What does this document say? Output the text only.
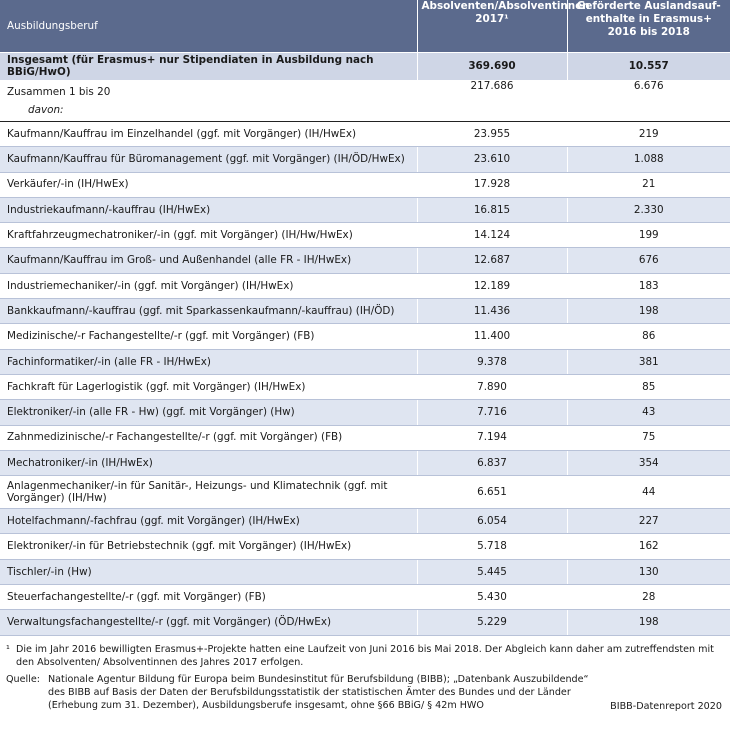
Ausbildungsberuf	Absolventen/Absolventinnen 2017¹	Geförderte Auslandsauf-
enthalte in Erasmus+ 2016 bis 2018
Insgesamt (für Erasmus+ nur Stipendiaten in Ausbildung nach BBiG/HwO)	369.690	10.557
Zusammen 1 bis 20	217.686	6.676
davon:		

Kaufmann/Kauffrau im Einzelhandel (ggf. mit Vorgänger) (IH/HwEx)	23.955	219
Kaufmann/Kauffrau für Büromanagement (ggf. mit Vorgänger) (IH/ÖD/HwEx)	23.610	1.088
Verkäufer/-in (IH/HwEx)	17.928	21
Industriekaufmann/-kauffrau (IH/HwEx)	16.815	2.330
Kraftfahrzeugmechatroniker/-in (ggf. mit Vorgänger) (IH/Hw/HwEx)	14.124	199
Kaufmann/Kauffrau im Groß- und Außenhandel (alle FR - IH/HwEx)	12.687	676
Industriemechaniker/-in (ggf. mit Vorgänger) (IH/HwEx)	12.189	183
Bankkaufmann/-kauffrau (ggf. mit Sparkassenkaufmann/-kauffrau) (IH/ÖD)	11.436	198
Medizinische/-r Fachangestellte/-r (ggf. mit Vorgänger) (FB)	11.400	86
Fachinformatiker/-in (alle FR - IH/HwEx)	9.378	381
Fachkraft für Lagerlogistik (ggf. mit Vorgänger) (IH/HwEx)	7.890	85
Elektroniker/-in (alle FR - Hw) (ggf. mit Vorgänger) (Hw)	7.716	43
Zahnmedizinische/-r Fachangestellte/-r (ggf. mit Vorgänger) (FB)	7.194	75
Mechatroniker/-in (IH/HwEx)	6.837	354
Anlagenmechaniker/-in für Sanitär-, Heizungs- und Klimatechnik (ggf. mit Vorgänger) (IH/Hw)	6.651	44
Hotelfachmann/-fachfrau (ggf. mit Vorgänger) (IH/HwEx)	6.054	227
Elektroniker/-in für Betriebstechnik (ggf. mit Vorgänger) (IH/HwEx)	5.718	162
Tischler/-in (Hw)	5.445	130
Steuerfachangestellte/-r (ggf. mit Vorgänger) (FB)	5.430	28
Verwaltungsfachangestellte/-r (ggf. mit Vorgänger) (ÖD/HwEx)	5.229	198
¹ Die im Jahr 2016 bewilligten Erasmus+-Projekte hatten eine Laufzeit von Juni 2016 bis Mai 2018. Der Abgleich kann daher am zutreffendsten mit den Absolventen/ Absolventinnen des Jahres 2017 erfolgen.
Quelle: Nationale Agentur Bildung für Europa beim Bundesinstitut für Berufsbildung (BIBB); „Datenbank Auszubildende“
des BIBB auf Basis der Daten der Berufsbildungsstatistik der statistischen Ämter des Bundes und der Länder
(Erhebung zum 31. Dezember), Ausbildungsberufe insgesamt, ohne §66 BBiG/ § 42m HWO	BIBB-Datenreport 2020
